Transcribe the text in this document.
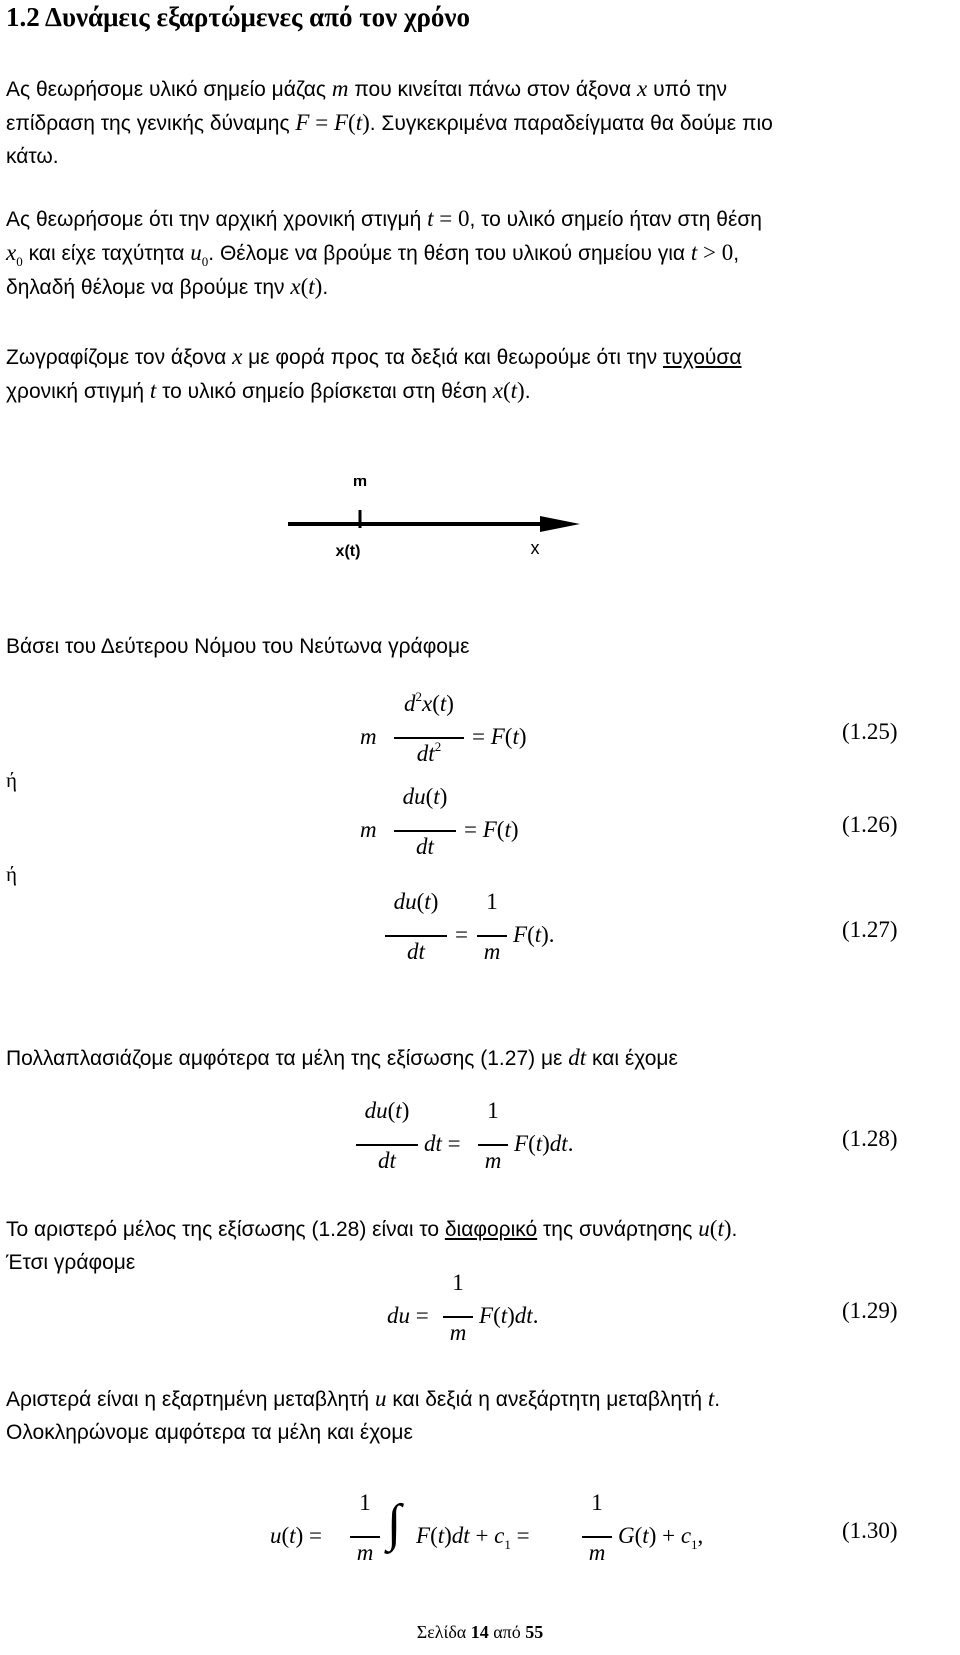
1.2 Δυνάμεις εξαρτώμενες από τον χρόνο
Ας θεωρήσομε υλικό σημείο μάζας m που κινείται πάνω στον άξονα x υπό την
επίδραση της γενικής δύναμης F = F(t). Συγκεκριμένα παραδείγματα θα δούμε πιο
κάτω.
Ας θεωρήσομε ότι την αρχική χρονική στιγμή t = 0, το υλικό σημείο ήταν στη θέση
$x_0$ και είχε ταχύτητα $u_0$. Θέλομε να βρούμε τη θέση του υλικού σημείου για t > 0,
δηλαδή θέλομε να βρούμε την x(t).
Ζωγραφίζομε τον άξονα x με φορά προς τα δεξιά και θεωρούμε ότι την τυχούσα
χρονική στιγμή t το υλικό σημείο βρίσκεται στη θέση x(t).
m
x(t)	x
Βάσει του Δεύτερου Νόμου του Νεύτωνα γράφομε
m
$d^2x(t)$
$dt^2$	= F(t)	(1.25)
ή
m
du(t)
dt
= F(t)	(1.26)
ή
du(t)
dt
=
1
m
F(t).	(1.27)
Πολλαπλασιάζομε αμφότερα τα μέλη της εξίσωσης (1.27) με dt και έχομε
du(t)
dt
dt =
1
m
F(t)dt.	(1.28)
Το αριστερό μέλος της εξίσωσης (1.28) είναι το διαφορικό της συνάρτησης u(t).
Έτσι γράφομε
du =
1
m
F(t)dt.	(1.29)
Αριστερά είναι η εξαρτημένη μεταβλητή u και δεξιά η ανεξάρτητη μεταβλητή t.
Ολοκληρώνομε αμφότερα τα μέλη και έχομε
u(t) =
1
m
∫ $F(t)dt + c_1$ =
1
m
$G(t) + c_1$,	(1.30)
Σελίδα 14 από 55
